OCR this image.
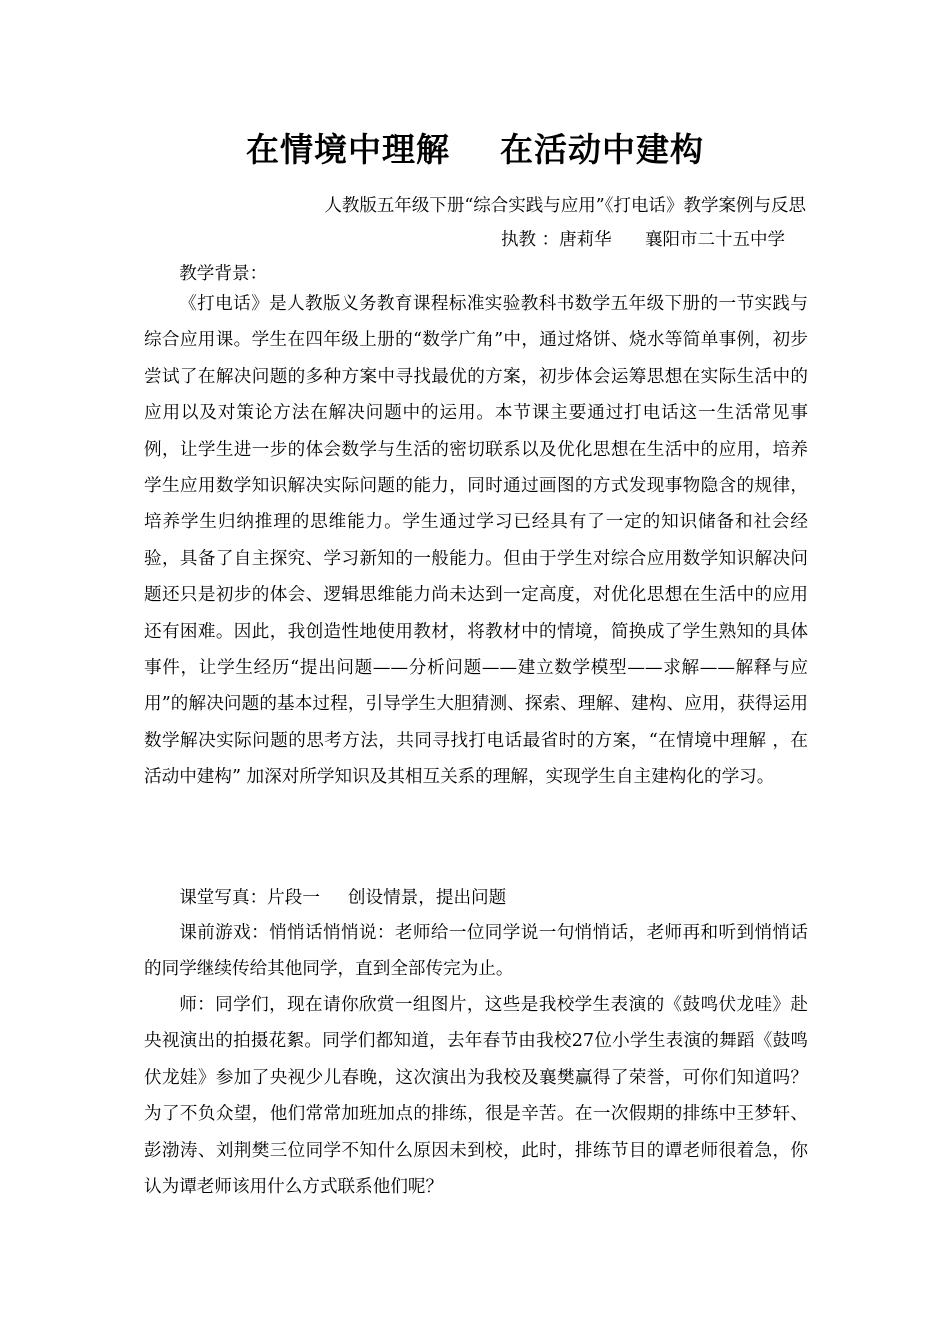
在情境中理解    在活动中建构
人教版五年级下册“综合实践与应用”《打电话》教学案例与反思
执教 ：唐莉华      襄阳市二十五中学
教学背景：
《打电话》是人教版义务教育课程标准实验教科书数学五年级下册的一节实践与综合应用课。学生在四年级上册的“数学广角”中，通过烙饼、烧水等简单事例，初步尝试了在解决问题的多种方案中寻找最优的方案，初步体会运筹思想在实际生活中的应用以及对策论方法在解决问题中的运用。本节课主要通过打电话这一生活常见事例，让学生进一步的体会数学与生活的密切联系以及优化思想在生活中的应用，培养学生应用数学知识解决实际问题的能力，同时通过画图的方式发现事物隐含的规律，培养学生归纳推理的思维能力。学生通过学习已经具有了一定的知识储备和社会经验，具备了自主探究、学习新知的一般能力。但由于学生对综合应用数学知识解决问题还只是初步的体会、逻辑思维能力尚未达到一定高度，对优化思想在生活中的应用还有困难。因此，我创造性地使用教材，将教材中的情境，简换成了学生熟知的具体事件，让学生经历“提出问题——分析问题——建立数学模型——求解——解释与应用”的解决问题的基本过程，引导学生大胆猜测、探索、理解、建构、应用，获得运用数学解决实际问题的思考方法，共同寻找打电话最省时的方案，“在情境中理解 ，在活动中建构” 加深对所学知识及其相互关系的理解，实现学生自主建构化的学习。
课堂写真：片段一     创设情景，提出问题
课前游戏：悄悄话悄悄说：老师给一位同学说一句悄悄话，老师再和听到悄悄话的同学继续传给其他同学，直到全部传完为止。
师：同学们，现在请你欣赏一组图片，这些是我校学生表演的《鼓鸣伏龙哇》赴央视演出的拍摄花絮。同学们都知道，去年春节由我校27位小学生表演的舞蹈《鼓鸣伏龙娃》参加了央视少儿春晚，这次演出为我校及襄樊赢得了荣誉，可你们知道吗？为了不负众望，他们常常加班加点的排练，很是辛苦。在一次假期的排练中王梦轩、彭渤涛、刘荆樊三位同学不知什么原因未到校，此时，排练节目的谭老师很着急，你认为谭老师该用什么方式联系他们呢？
